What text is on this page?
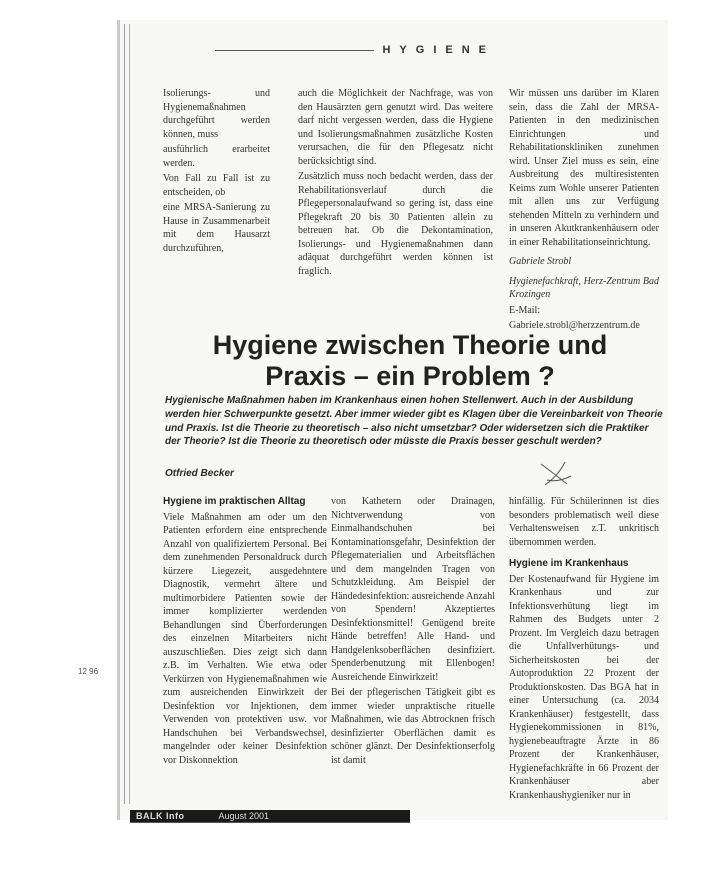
HYGIENE

Isolierungs- und Hygienemaßnahmen durchgeführt werden können, muss

ausführlich erarbeitet werden.

Von Fall zu Fall ist zu entscheiden, ob

eine MRSA-Sanierung zu Hause in Zusammenarbeit mit dem Hausarzt durchzuführen,

auch die Möglichkeit der Nachfrage, was von den Hausärzten gern genutzt wird. Das weitere darf nicht vergessen werden, dass die Hygiene und Isolierungsmaßnahmen zusätzliche Kosten verursachen, die für den Pflegesatz nicht berücksichtigt sind.

Zusätzlich muss noch bedacht werden, dass der Rehabilitationsverlauf durch die Pflegepersonalaufwand so gering ist, dass eine Pflegekraft 20 bis 30 Patienten allein zu betreuen hat. Ob die Dekontamination, Isolierungs- und Hygienemaßnahmen dann adäquat durchgeführt werden können ist fraglich.

Wir müssen uns darüber im Klaren sein, dass die Zahl der MRSA-Patienten in den medizinischen Einrichtungen und Rehabilitationskliniken zunehmen wird. Unser Ziel muss es sein, eine Ausbreitung des multiresistenten Keims zum Wohle unserer Patienten mit allen uns zur Verfügung stehenden Mitteln zu verhindern und in unseren Akutkrankenhäusern oder in einer Rehabilitationseinrichtung.

Gabriele Strobl

Hygienefachkraft, Herz-Zentrum Bad Krozingen

E-Mail:

Gabriele.strobl@herzzentrum.de

Hygiene zwischen Theorie und
Praxis – ein Problem ?
Hygienische Maßnahmen haben im Krankenhaus einen hohen Stellenwert. Auch in der Ausbildung werden hier Schwerpunkte gesetzt. Aber immer wieder gibt es Klagen über die Vereinbarkeit von Theorie und Praxis. Ist die Theorie zu theoretisch – also nicht umsetzbar? Oder widersetzen sich die Praktiker der Theorie? Ist die Theorie zu theoretisch oder müsste die Praxis besser geschult werden?
Otfried Becker

Hygiene im praktischen Alltag

Viele Maßnahmen am oder um den Patienten erfordern eine entsprechende Anzahl von qualifiziertem Personal. Bei dem zunehmenden Personaldruck durch kürzere Liegezeit, ausgedehntere Diagnostik, vermehrt ältere und multimorbidere Patienten sowie der immer komplizierter werdenden Behandlungen sind Überforderungen des einzelnen Mitarbeiters nicht auszuschließen. Dies zeigt sich dann z.B. im Verhalten. Wie etwa oder Verkürzen von Hygienemaßnahmen wie zum ausreichenden Einwirkzeit der Desinfektion vor Injektionen, dem Verwenden von protektiven usw. vor Handschuhen bei Verbandswechsel, mangelnder oder keiner Desinfektion vor Diskonnektion

von Kathetern oder Drainagen, Nichtverwendung von Einmalhandschuhen bei Kontaminationsgefahr, Desinfektion der Pflegematerialien und Arbeitsflächen und dem mangelnden Tragen von Schutzkleidung. Am Beispiel der Händedesinfektion: ausreichende Anzahl von Spendern! Akzeptiertes Desinfektionsmittel! Genügend breite Hände betreffen! Alle Hand- und Handgelenksoberflächen desinfiziert. Spenderbenutzung mit Ellenbogen! Ausreichende Einwirkzeit!

Bei der pflegerischen Tätigkeit gibt es immer wieder unpraktische rituelle Maßnahmen, wie das Abtrocknen frisch desinfizierter Oberflächen damit es schöner glänzt. Der Desinfektionserfolg ist damit

hinfällig. Für Schülerinnen ist dies besonders problematisch weil diese Verhaltensweisen z.T. unkritisch übernommen werden.

Hygiene im Krankenhaus

Der Kostenaufwand für Hygiene im Krankenhaus und zur Infektionsverhütung liegt im Rahmen des Budgets unter 2 Prozent. Im Vergleich dazu betragen die Unfallverhütungs- und Sicherheitskosten bei der Autoproduktion 22 Prozent der Produktionskosten. Das BGA hat in einer Untersuchung (ca. 2034 Krankenhäuser) festgestellt, dass Hygienekommissionen in 81%, hygienebeauftragte Ärzte in 86 Prozent der Krankenhäuser, Hygienefachkräfte in 66 Prozent der Krankenhäuser aber Krankenhaushygieniker nur in

12 96
BALK Info	August 2001
